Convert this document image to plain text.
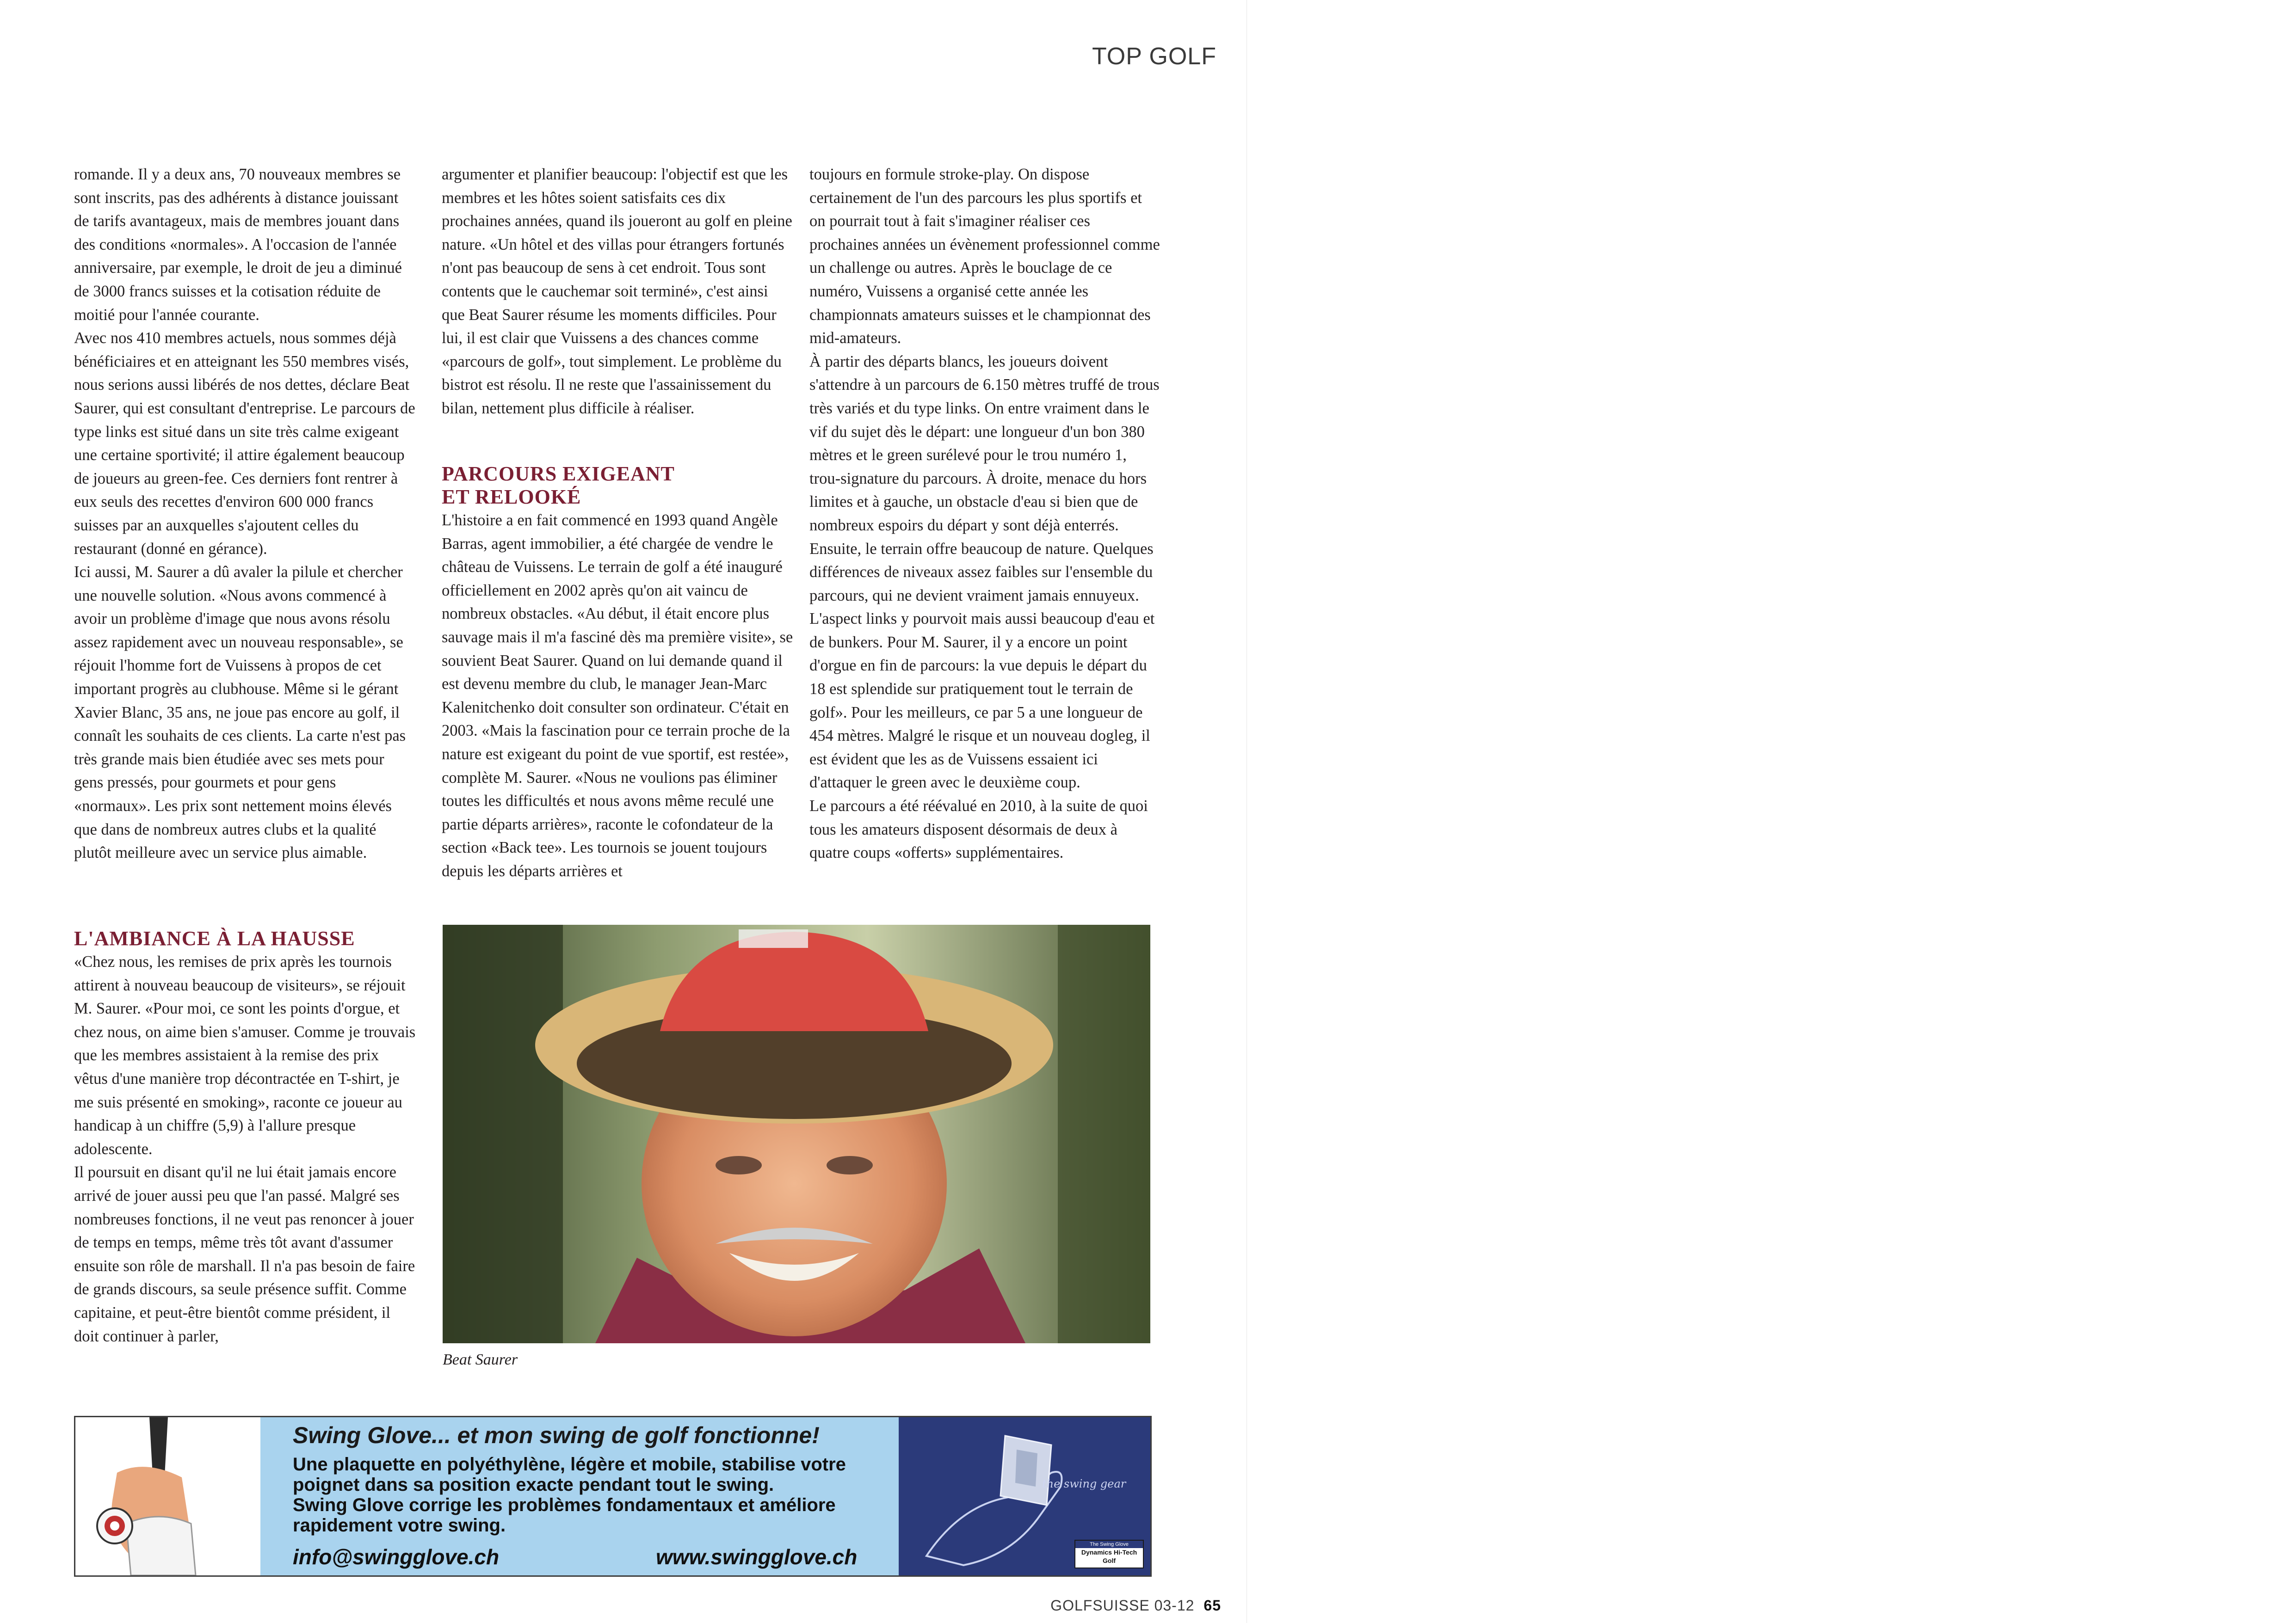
TOP GOLF

romande. Il y a deux ans, 70 nouveaux membres se sont inscrits, pas des adhérents à distance jouissant de tarifs avantageux, mais de membres jouant dans des conditions «normales». A l'occasion de l'année anniversaire, par exemple, le droit de jeu a diminué de 3000 francs suisses et la cotisation réduite de moitié pour l'année courante.

Avec nos 410 membres actuels, nous sommes déjà bénéficiaires et en atteignant les 550 membres visés, nous serions aussi libérés de nos dettes, déclare Beat Saurer, qui est consultant d'entreprise. Le parcours de type links est situé dans un site très calme exigeant une certaine sportivité; il attire également beaucoup de joueurs au green-fee. Ces derniers font rentrer à eux seuls des recettes d'environ 600 000 francs suisses par an auxquelles s'ajoutent celles du restaurant (donné en gérance).

Ici aussi, M. Saurer a dû avaler la pilule et chercher une nouvelle solution. «Nous avons commencé à avoir un problème d'image que nous avons résolu assez rapidement avec un nouveau responsable», se réjouit l'homme fort de Vuissens à propos de cet important progrès au clubhouse. Même si le gérant Xavier Blanc, 35 ans, ne joue pas encore au golf, il connaît les souhaits de ces clients. La carte n'est pas très grande mais bien étudiée avec ses mets pour gens pressés, pour gourmets et pour gens «normaux». Les prix sont nettement moins élevés que dans de nombreux autres clubs et la qualité plutôt meilleure avec un service plus aimable.

L'AMBIANCE À LA HAUSSE

«Chez nous, les remises de prix après les tournois attirent à nouveau beaucoup de visiteurs», se réjouit M. Saurer. «Pour moi, ce sont les points d'orgue, et chez nous, on aime bien s'amuser. Comme je trouvais que les membres assistaient à la remise des prix vêtus d'une manière trop décontractée en T-shirt, je me suis présenté en smoking», raconte ce joueur au handicap à un chiffre (5,9) à l'allure presque adolescente.

Il poursuit en disant qu'il ne lui était jamais encore arrivé de jouer aussi peu que l'an passé. Malgré ses nombreuses fonctions, il ne veut pas renoncer à jouer de temps en temps, même très tôt avant d'assumer ensuite son rôle de marshall. Il n'a pas besoin de faire de grands discours, sa seule présence suffit. Comme capitaine, et peut-être bientôt comme président, il doit continuer à parler,

argumenter et planifier beaucoup: l'objectif est que les membres et les hôtes soient satisfaits ces dix prochaines années, quand ils joueront au golf en pleine nature. «Un hôtel et des villas pour étrangers fortunés n'ont pas beaucoup de sens à cet endroit. Tous sont contents que le cauchemar soit terminé», c'est ainsi que Beat Saurer résume les moments difficiles. Pour lui, il est clair que Vuissens a des chances comme «parcours de golf», tout simplement. Le problème du bistrot est résolu. Il ne reste que l'assainissement du bilan, nettement plus difficile à réaliser.

PARCOURS EXIGEANT ET RELOOKÉ

L'histoire a en fait commencé en 1993 quand Angèle Barras, agent immobilier, a été chargée de vendre le château de Vuissens. Le terrain de golf a été inauguré officiellement en 2002 après qu'on ait vaincu de nombreux obstacles. «Au début, il était encore plus sauvage mais il m'a fasciné dès ma première visite», se souvient Beat Saurer. Quand on lui demande quand il est devenu membre du club, le manager Jean-Marc Kalenitchenko doit consulter son ordinateur. C'était en 2003. «Mais la fascination pour ce terrain proche de la nature est exigeant du point de vue sportif, est restée», complète M. Saurer. «Nous ne voulions pas éliminer toutes les difficultés et nous avons même reculé une partie départs arrières», raconte le cofondateur de la section «Back tee». Les tournois se jouent toujours depuis les départs arrières et

toujours en formule stroke-play. On dispose certainement de l'un des parcours les plus sportifs et on pourrait tout à fait s'imaginer réaliser ces prochaines années un évènement professionnel comme un challenge ou autres. Après le bouclage de ce numéro, Vuissens a organisé cette année les championnats amateurs suisses et le championnat des mid-amateurs.

À partir des départs blancs, les joueurs doivent s'attendre à un parcours de 6.150 mètres truffé de trous très variés et du type links. On entre vraiment dans le vif du sujet dès le départ: une longueur d'un bon 380 mètres et le green surélevé pour le trou numéro 1, trou-signature du parcours. À droite, menace du hors limites et à gauche, un obstacle d'eau si bien que de nombreux espoirs du départ y sont déjà enterrés. Ensuite, le terrain offre beaucoup de nature. Quelques différences de niveaux assez faibles sur l'ensemble du parcours, qui ne devient vraiment jamais ennuyeux. L'aspect links y pourvoit mais aussi beaucoup d'eau et de bunkers. Pour M. Saurer, il y a encore un point d'orgue en fin de parcours: la vue depuis le départ du 18 est splendide sur pratiquement tout le terrain de golf». Pour les meilleurs, ce par 5 a une longueur de 454 mètres. Malgré le risque et un nouveau dogleg, il est évident que les as de Vuissens essaient ici d'attaquer le green avec le deuxième coup.

Le parcours a été réévalué en 2010, à la suite de quoi tous les amateurs disposent désormais de deux à quatre coups «offerts» supplémentaires.

Beat Saurer
Swing Glove... et mon swing de golf fonctionne!
Une plaquette en polyéthylène, légère et mobile, stabilise votre poignet dans sa position exacte pendant tout le swing.
Swing Glove corrige les problèmes fondamentaux et améliore rapidement votre swing.
info@swingglove.ch	www.swingglove.ch
the swing gear
The Swing Glove
Dynamics Hi-Tech Golf
GOLFSUISSE 03-12 65
